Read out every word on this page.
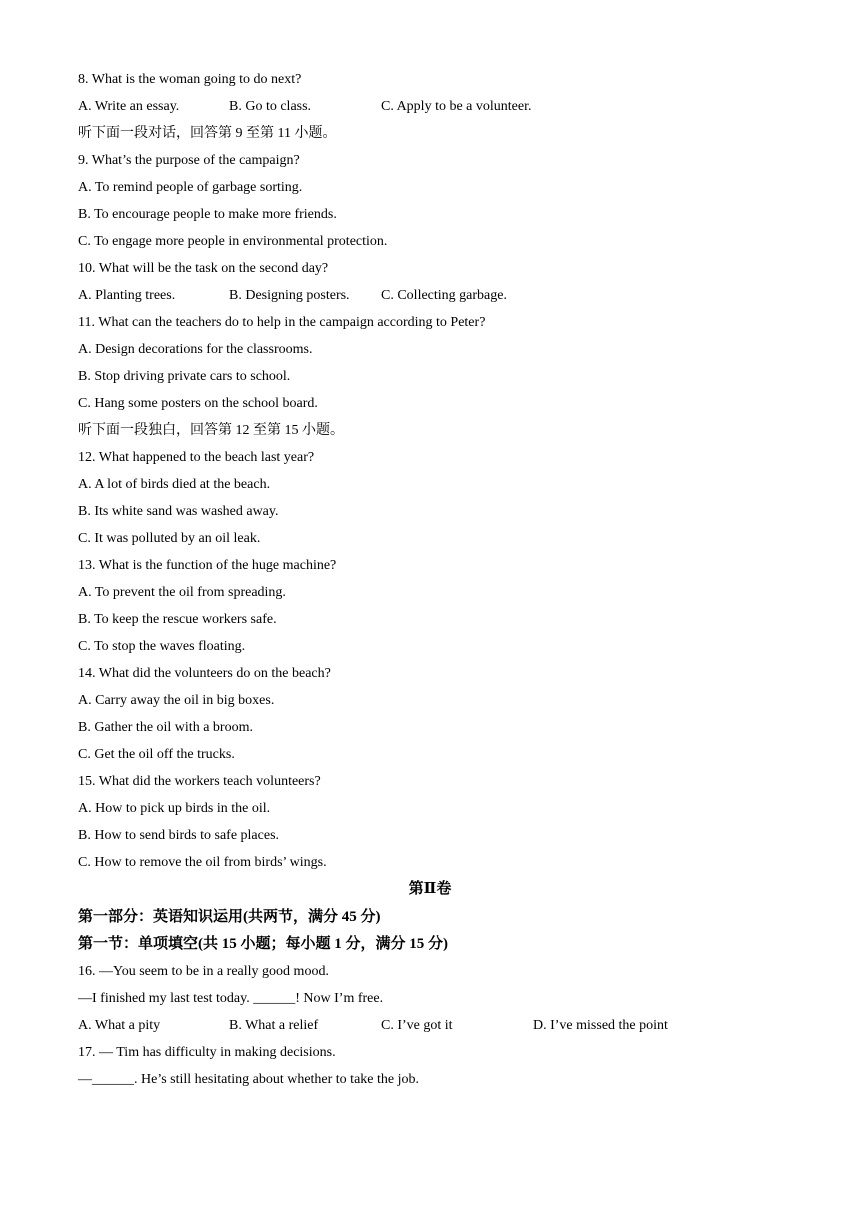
8. What is the woman going to do next?
A. Write an essay.	B. Go to class.	C. Apply to be a volunteer.
听下面一段对话，回答第 9 至第 11 小题。
9. What’s the purpose of the campaign?
A. To remind people of garbage sorting.
B. To encourage people to make more friends.
C. To engage more people in environmental protection.
10. What will be the task on the second day?
A. Planting trees.	B. Designing posters. C. Collecting garbage.
11. What can the teachers do to help in the campaign according to Peter?
A. Design decorations for the classrooms.
B. Stop driving private cars to school.
C. Hang some posters on the school board.
听下面一段独白，回答第 12 至第 15 小题。
12. What happened to the beach last year?
A. A lot of birds died at the beach.
B. Its white sand was washed away.
C. It was polluted by an oil leak.
13. What is the function of the huge machine?
A. To prevent the oil from spreading.
B. To keep the rescue workers safe.
C. To stop the waves floating.
14. What did the volunteers do on the beach?
A. Carry away the oil in big boxes.
B. Gather the oil with a broom.
C. Get the oil off the trucks.
15. What did the workers teach volunteers?
A. How to pick up birds in the oil.
B. How to send birds to safe places.
C. How to remove the oil from birds’ wings.
第Ⅱ卷
第一部分：英语知识运用(共两节，满分 45 分)
第一节：单项填空(共 15 小题；每小题 1 分，满分 15 分)
16. —You seem to be in a really good mood.
—I finished my last test today. ______! Now I’m free.
A. What a pity	B. What a relief	C. I’ve got it	D. I’ve missed the point
17. — Tim has difficulty in making decisions.
—______. He’s still hesitating about whether to take the job.
